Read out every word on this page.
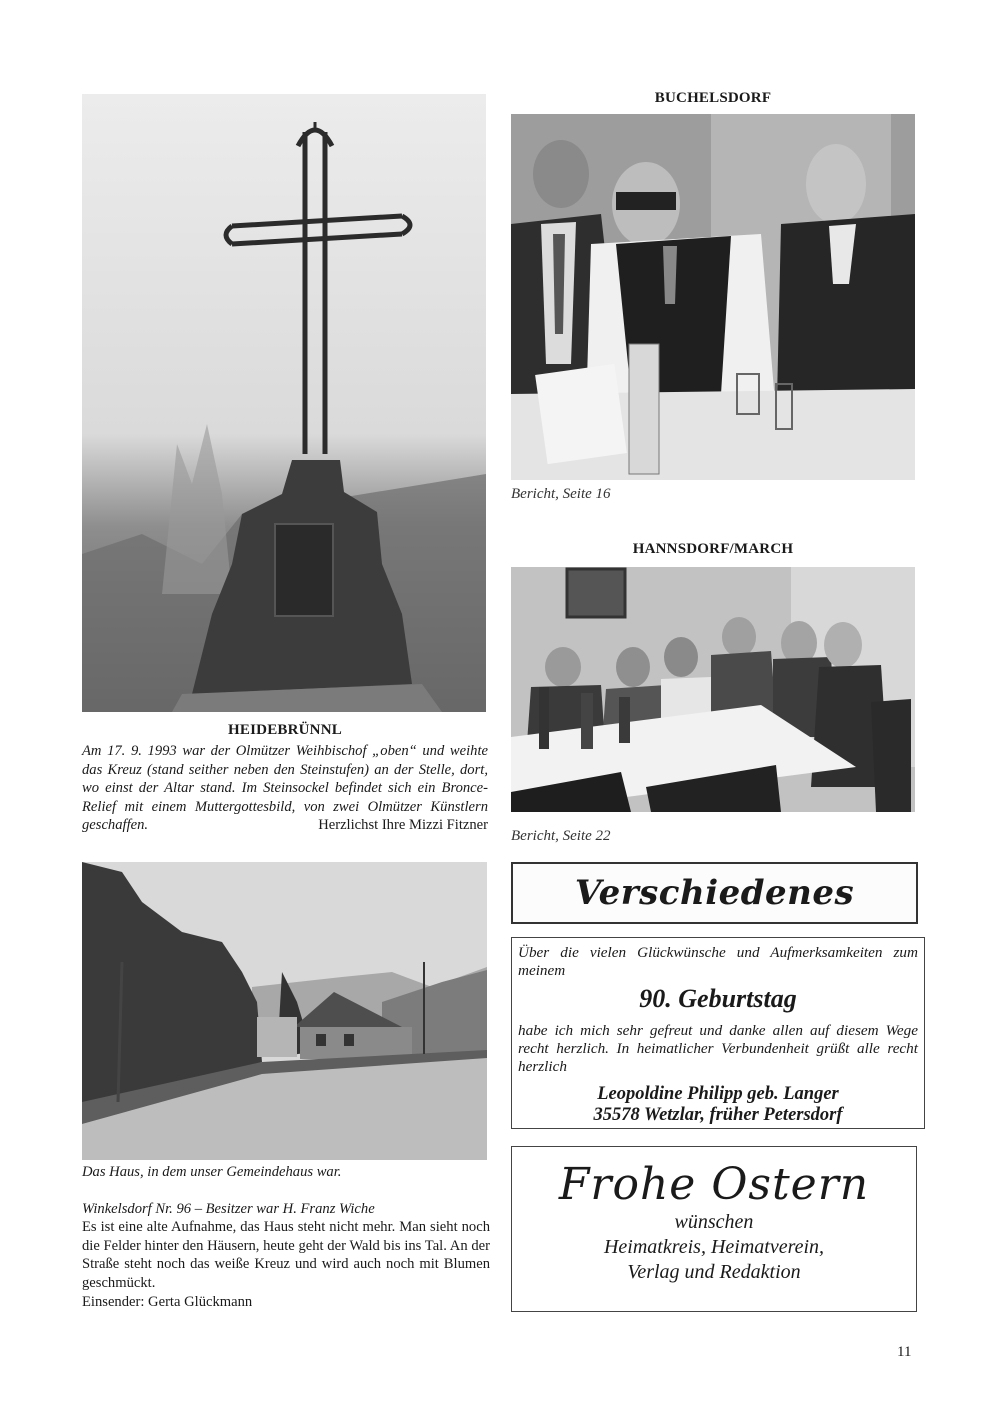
HEIDEBRÜNNL
Am 17. 9. 1993 war der Olmützer Weihbischof „oben“ und weihte das Kreuz (stand seither neben den Steinstufen) an der Stelle, dort, wo einst der Altar stand. Im Steinsockel befindet sich ein Bronce-Relief mit einem Muttergottesbild, von zwei Olmützer Künstlern geschaffen.	Herzlichst Ihre Mizzi Fitzner
BUCHELSDORF
Bericht, Seite 16
HANNSDORF/MARCH
Bericht, Seite 22

Das Haus, in dem unser Gemeindehaus war.

Winkelsdorf Nr. 96 – Besitzer war H. Franz Wiche

Es ist eine alte Aufnahme, das Haus steht nicht mehr. Man sieht noch die Felder hinter den Häusern, heute geht der Wald bis ins Tal. An der Straße steht noch das weiße Kreuz und wird auch noch mit Blumen geschmückt.

Einsender: Gerta Glückmann

Verschiedenes
Über die vielen Glückwünsche und Aufmerksamkeiten zum meinem
90. Geburtstag
habe ich mich sehr gefreut und danke allen auf diesem Wege recht herzlich. In heimatlicher Verbundenheit grüßt alle recht herzlich
Leopoldine Philipp geb. Langer
35578 Wetzlar, früher Petersdorf
Frohe Ostern
wünschen
Heimatkreis, Heimatverein,
Verlag und Redaktion
11
